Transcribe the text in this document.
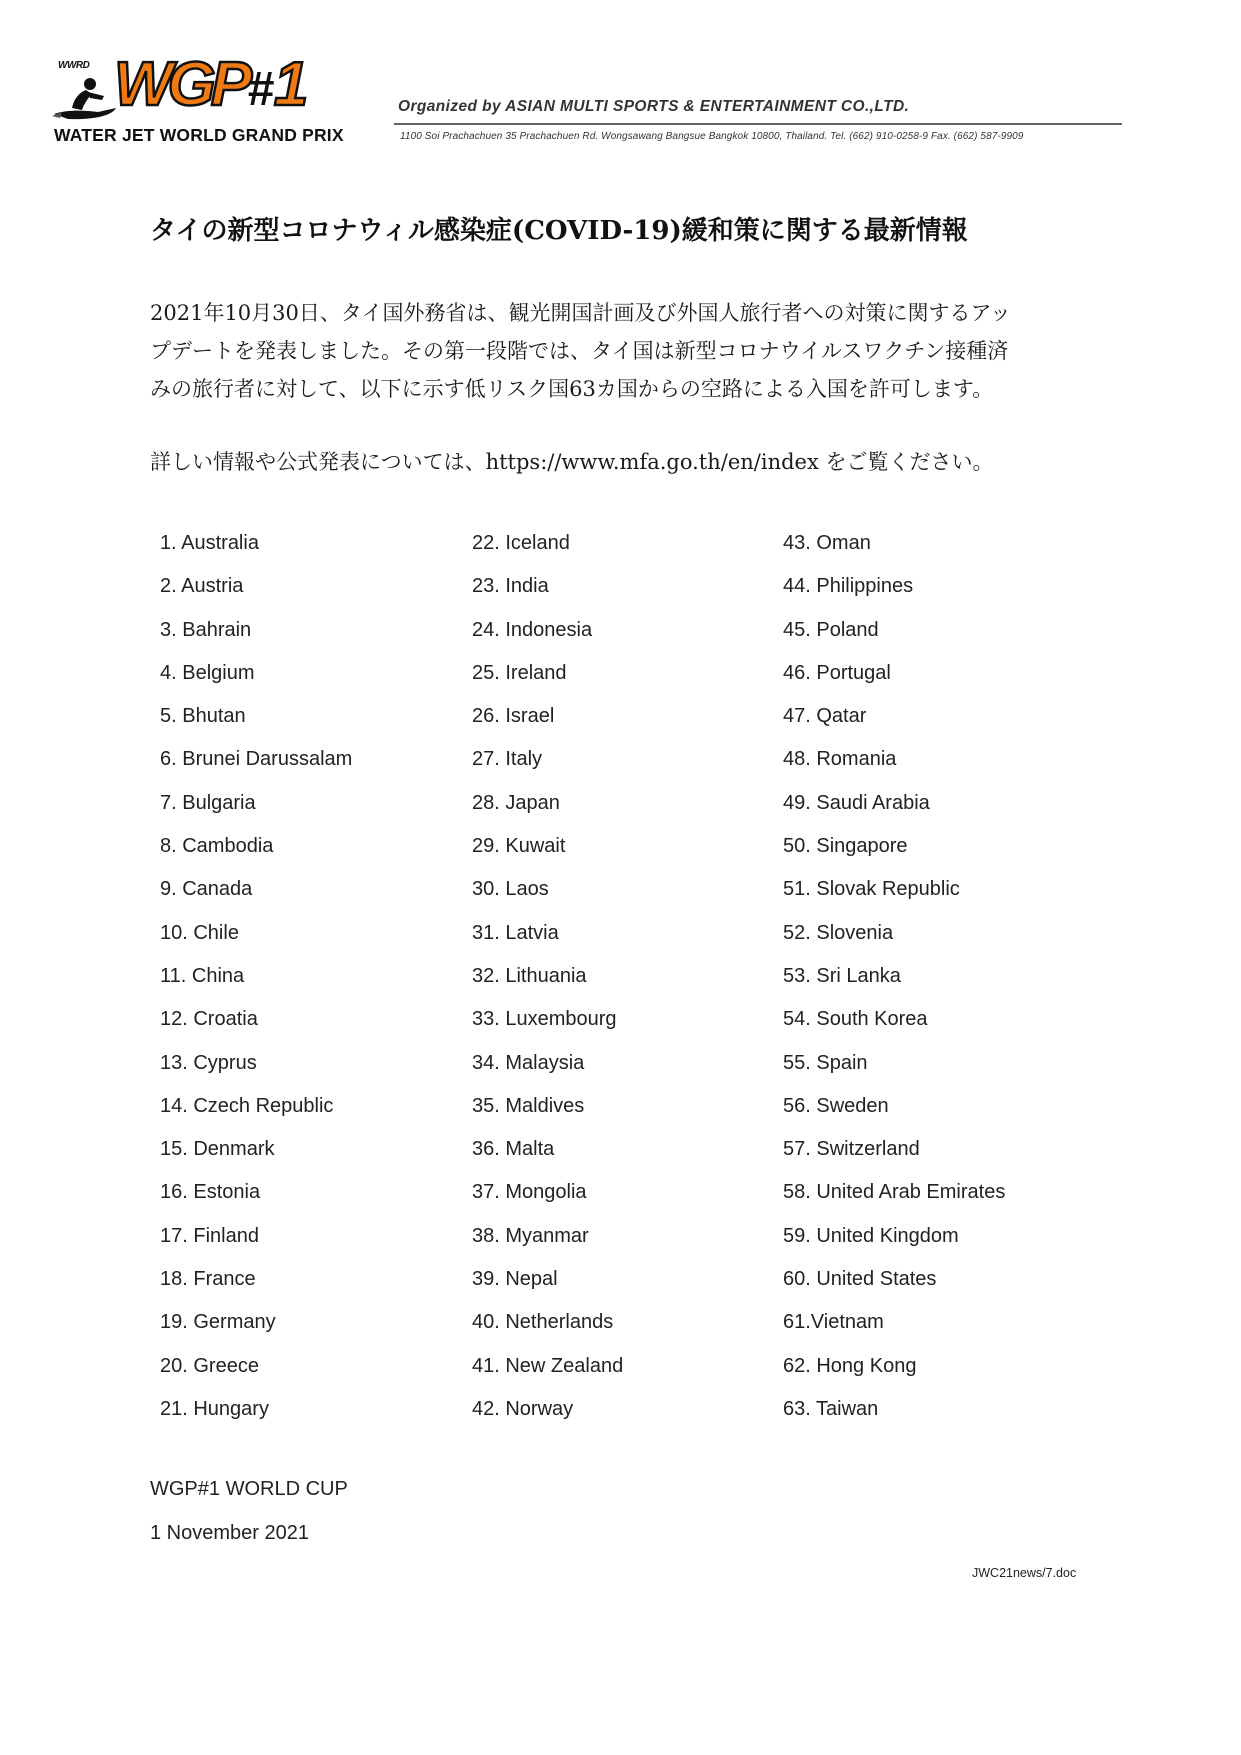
WWRD WGP#1
WATER JET WORLD GRAND PRIX
Organized by ASIAN MULTI SPORTS & ENTERTAINMENT CO.,LTD.
1100 Soi Prachachuen 35 Prachachuen Rd. Wongsawang Bangsue Bangkok 10800, Thailand. Tel. (662) 910-0258-9 Fax. (662) 587-9909
タイの新型コロナウィル感染症(COVID-19)緩和策に関する最新情報

2021年10月30日、タイ国外務省は、観光開国計画及び外国人旅行者への対策に関するアッ

プデートを発表しました。その第一段階では、タイ国は新型コロナウイルスワクチン接種済

みの旅行者に対して、以下に示す低リスク国63カ国からの空路による入国を許可します。

詳しい情報や公式発表については、https://www.mfa.go.th/en/index をご覧ください。
1. Australia
2. Austria
3. Bahrain
4. Belgium
5. Bhutan
6. Brunei Darussalam
7. Bulgaria
8. Cambodia
9. Canada
10. Chile
11. China
12. Croatia
13. Cyprus
14. Czech Republic
15. Denmark
16. Estonia
17. Finland
18. France
19. Germany
20. Greece
21. Hungary
22. Iceland
23. India
24. Indonesia
25. Ireland
26. Israel
27. Italy
28. Japan
29. Kuwait
30. Laos
31. Latvia
32. Lithuania
33. Luxembourg
34. Malaysia
35. Maldives
36. Malta
37. Mongolia
38. Myanmar
39. Nepal
40. Netherlands
41. New Zealand
42. Norway
43. Oman
44. Philippines
45. Poland
46. Portugal
47. Qatar
48. Romania
49. Saudi Arabia
50. Singapore
51. Slovak Republic
52. Slovenia
53. Sri Lanka
54. South Korea
55. Spain
56. Sweden
57. Switzerland
58. United Arab Emirates
59. United Kingdom
60. United States
61.Vietnam
62. Hong Kong
63. Taiwan
WGP#1 WORLD CUP
1 November 2021
JWC21news/7.doc
